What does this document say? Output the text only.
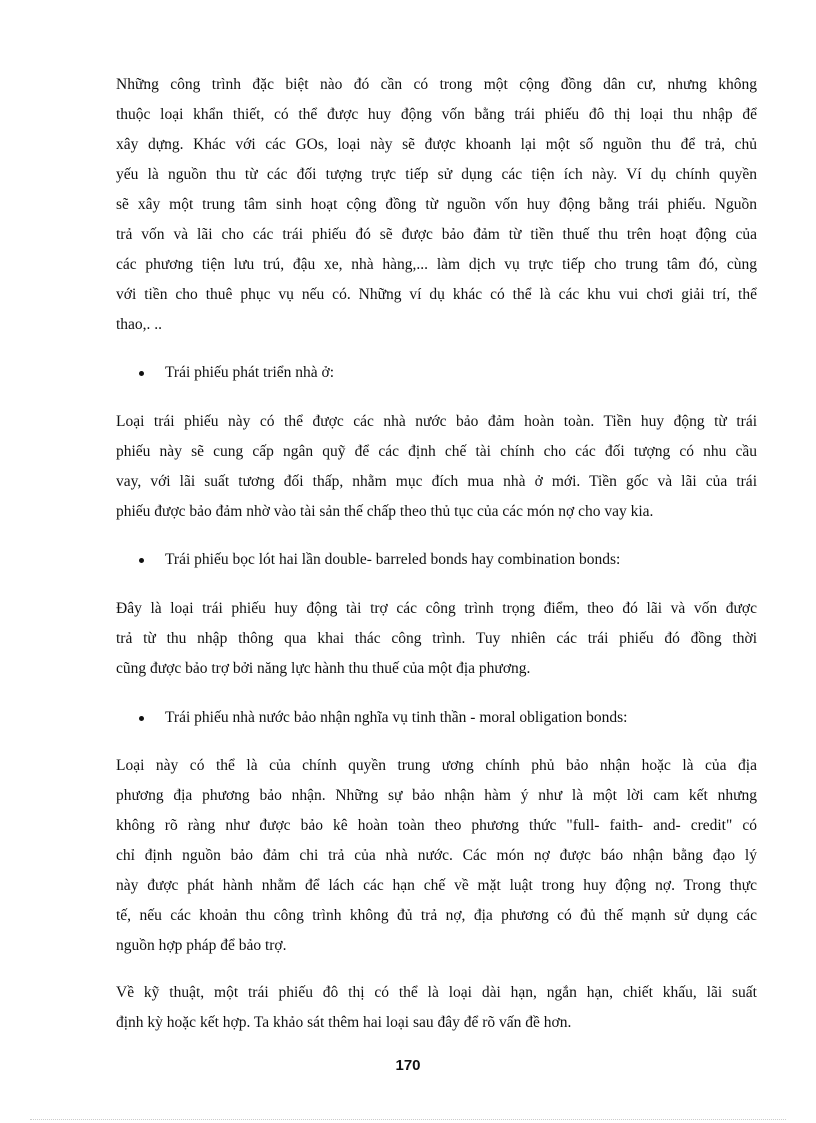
Những công trình đặc biệt nào đó cần có trong một cộng đồng dân cư, nhưng không
thuộc loại khẩn thiết, có thể được huy động vốn bằng trái phiếu đô thị loại thu nhập để
xây dựng. Khác với các GOs, loại này sẽ được khoanh lại một số nguồn thu để trả, chủ
yếu là nguồn thu từ các đối tượng trực tiếp sử dụng các tiện ích này. Ví dụ chính quyền
sẽ xây một trung tâm sinh hoạt cộng đồng từ nguồn vốn huy động bằng trái phiếu. Nguồn
trả vốn và lãi cho các trái phiếu đó sẽ được bảo đảm từ tiền thuế thu trên hoạt động của
các phương tiện lưu trú, đậu xe, nhà hàng,... làm dịch vụ trực tiếp cho trung tâm đó, cùng
với tiền cho thuê phục vụ nếu có. Những ví dụ khác có thể là các khu vui chơi giải trí, thể
thao,. ..
Trái phiếu phát triển nhà ở:
Loại trái phiếu này có thể được các nhà nước bảo đảm hoàn toàn. Tiền huy động từ trái
phiếu này sẽ cung cấp ngân quỹ để các định chế tài chính cho các đối tượng có nhu cầu
vay, với lãi suất tương đối thấp, nhằm mục đích mua nhà ở mới. Tiền gốc và lãi của trái
phiếu được bảo đảm nhờ vào tài sản thế chấp theo thủ tục của các món nợ cho vay kia.
Trái phiếu bọc lót hai lần double- barreled bonds hay combination bonds:
Đây là loại trái phiếu huy động tài trợ các công trình trọng điểm, theo đó lãi và vốn được
trả từ thu nhập thông qua khai thác công trình. Tuy nhiên các trái phiếu đó đồng thời
cũng được bảo trợ bởi năng lực hành thu thuế của một địa phương.
Trái phiếu nhà nước bảo nhận nghĩa vụ tinh thần - moral obligation bonds:
Loại này có thể là của chính quyền trung ương chính phủ bảo nhận hoặc là của địa
phương địa phương bảo nhận. Những sự bảo nhận hàm ý như là một lời cam kết nhưng
không rõ ràng như được bảo kê hoàn toàn theo phương thức "full- faith- and- credit" có
chỉ định nguồn bảo đảm chi trả của nhà nước. Các món nợ được báo nhận bằng đạo lý
này được phát hành nhằm để lách các hạn chế về mặt luật trong huy động nợ. Trong thực
tế, nếu các khoản thu công trình không đủ trả nợ, địa phương có đủ thế mạnh sử dụng các
nguồn hợp pháp để bảo trợ.
Về kỹ thuật, một trái phiếu đô thị có thể là loại dài hạn, ngắn hạn, chiết khấu, lãi suất
định kỳ hoặc kết hợp. Ta khảo sát thêm hai loại sau đây để rõ vấn đề hơn.
170
